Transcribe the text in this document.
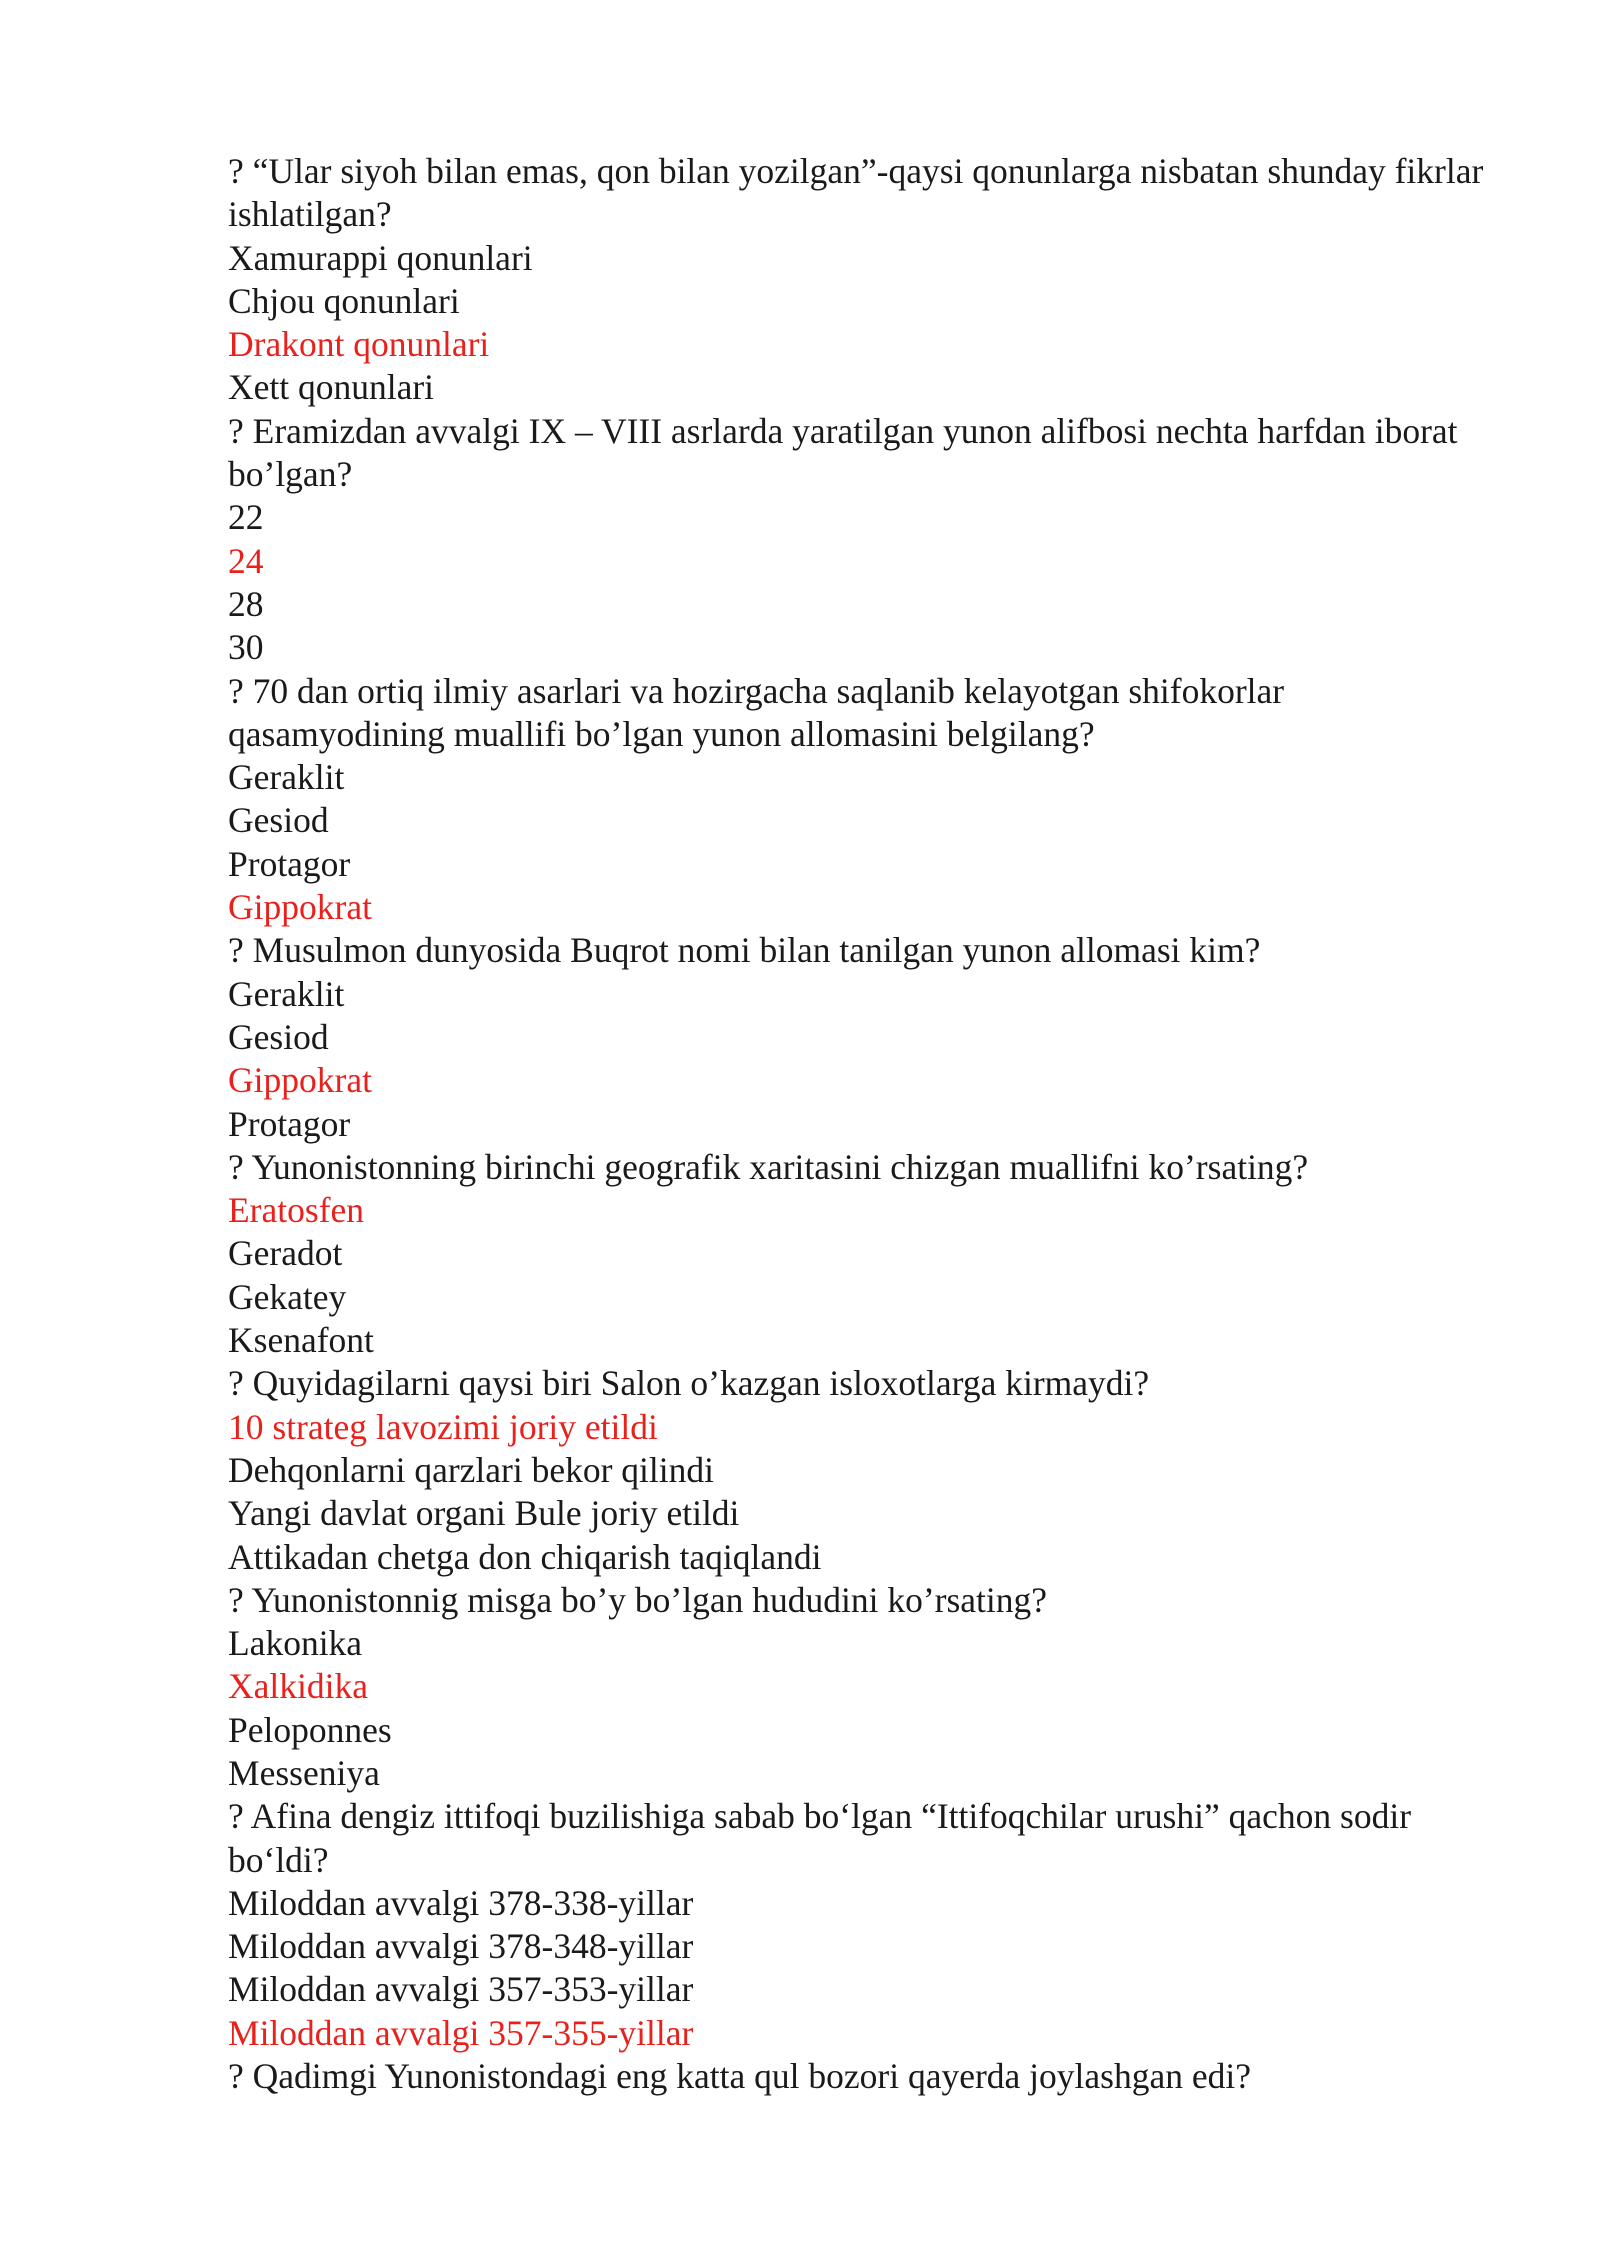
? “Ular siyoh bilan emas, qon bilan yozilgan”-qaysi qonunlarga nisbatan shunday fikrlar ishlatilgan?
Xamurappi qonunlari
Chjou qonunlari
Drakont qonunlari
Xett qonunlari
? Eramizdan avvalgi IX – VIII asrlarda yaratilgan yunon alifbosi nechta harfdan iborat bo’lgan?
22
24
28
30
? 70 dan ortiq ilmiy asarlari va hozirgacha saqlanib kelayotgan shifokorlar qasamyodining muallifi bo’lgan yunon allomasini belgilang?
Geraklit
Gesiod
Protagor
Gippokrat
? Musulmon dunyosida Buqrot nomi bilan tanilgan yunon allomasi kim?
Geraklit
Gesiod
Gippokrat
Protagor
? Yunonistonning birinchi geografik xaritasini chizgan muallifni ko’rsating?
Eratosfen
Geradot
Gekatey
Ksenafont
? Quyidagilarni qaysi biri Salon o’kazgan isloxotlarga kirmaydi?
10 strateg lavozimi joriy etildi
Dehqonlarni qarzlari bekor qilindi
Yangi davlat organi Bule joriy etildi
Attikadan chetga don chiqarish taqiqlandi
? Yunonistonnig misga bo’y bo’lgan hududini ko’rsating?
Lakonika
Xalkidika
Peloponnes
Messeniya
? Afina dengiz ittifoqi buzilishiga sabab bo‘lgan “Ittifoqchilar urushi” qachon sodir bo‘ldi?
Miloddan avvalgi 378-338-yillar
Miloddan avvalgi 378-348-yillar
Miloddan avvalgi 357-353-yillar
Miloddan avvalgi 357-355-yillar
? Qadimgi Yunonistondagi eng katta qul bozori qayerda joylashgan edi?
